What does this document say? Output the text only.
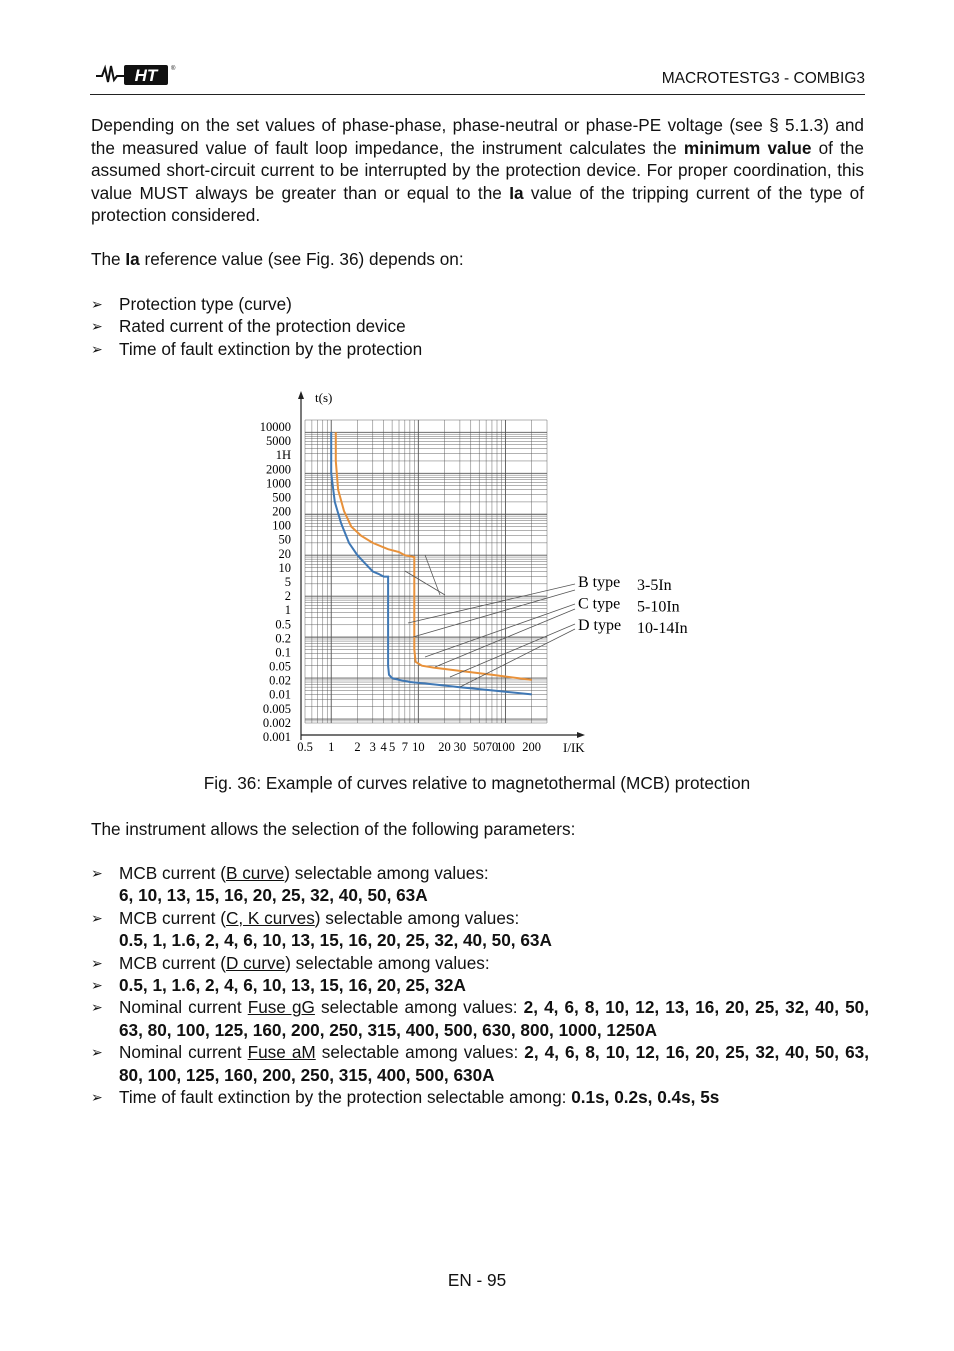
HT ®
MACROTESTG3 - COMBIG3

Depending on the set values of phase-phase, phase-neutral or phase-PE voltage (see § 5.1.3) and the measured value of fault loop impedance, the instrument calculates the minimum value of the assumed short-circuit current to be interrupted by the protection device. For proper coordination, this value MUST always be greater than or equal to the Ia value of the tripping current of the type of protection considered.

The Ia reference value (see Fig. 36) depends on:

➢ Protection type (curve)
➢ Rated current of the protection device
➢ Time of fault extinction by the protection
t(s)
I/IK
10000
5000
1H
2000
1000
500
200
100
50
20
10
5
2
1
0.5
0.2
0.1
0.05
0.02
0.01
0.005
0.002
0.001
0.5 1 2 3 4 5 7 10 20 30 50 70
100 200
B type 3-5In
C type 5-10In
D type 10-14In
Fig. 36: Example of curves relative to magnetothermal (MCB) protection

The instrument allows the selection of the following parameters:

➢ MCB current (B curve) selectable among values:
6, 10, 13, 15, 16, 20, 25, 32, 40, 50, 63A
➢ MCB current (C, K curves) selectable among values:
0.5, 1, 1.6, 2, 4, 6, 10, 13, 15, 16, 20, 25, 32, 40, 50, 63A
➢ MCB current (D curve) selectable among values:
➢ 0.5, 1, 1.6, 2, 4, 6, 10, 13, 15, 16, 20, 25, 32A
➢ Nominal current Fuse gG selectable among values: 2, 4, 6, 8, 10, 12, 13, 16, 20, 25, 32, 40, 50, 63, 80, 100, 125, 160, 200, 250, 315, 400, 500, 630, 800, 1000, 1250A
➢ Nominal current Fuse aM selectable among values: 2, 4, 6, 8, 10, 12, 16, 20, 25, 32, 40, 50, 63, 80, 100, 125, 160, 200, 250, 315, 400, 500, 630A
➢ Time of fault extinction by the protection selectable among: 0.1s, 0.2s, 0.4s, 5s
EN - 95
